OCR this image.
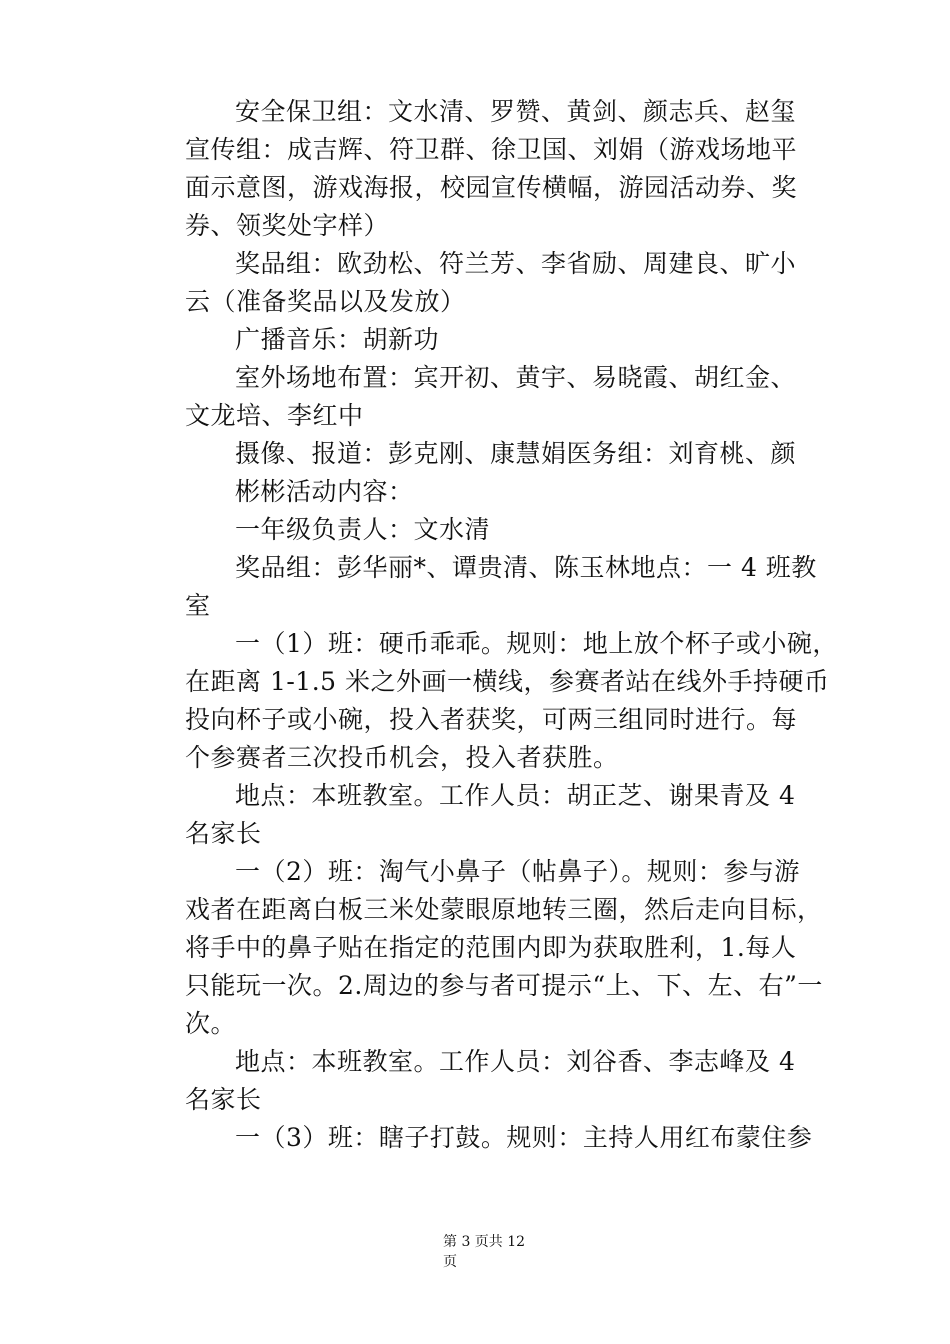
安全保卫组：文水清、罗赞、黄剑、颜志兵、赵玺
宣传组：成吉辉、符卫群、徐卫国、刘娟（游戏场地平
面示意图，游戏海报，校园宣传横幅，游园活动券、奖
券、领奖处字样）
奖品组：欧劲松、符兰芳、李省励、周建良、旷小
云（准备奖品以及发放）
广播音乐：胡新功
室外场地布置：宾开初、黄宇、易晓霞、胡红金、
文龙培、李红中
摄像、报道：彭克刚、康慧娟医务组：刘育桃、颜
彬彬活动内容：
一年级负责人：文水清
奖品组：彭华丽*、谭贵清、陈玉林地点：一 4 班教
室
一（1）班：硬币乖乖。规则：地上放个杯子或小碗，
在距离 1-1.5 米之外画一横线，参赛者站在线外手持硬币
投向杯子或小碗，投入者获奖，可两三组同时进行。每
个参赛者三次投币机会，投入者获胜。
地点：本班教室。工作人员：胡正芝、谢果青及 4
名家长
一（2）班：淘气小鼻子（帖鼻子）。规则：参与游
戏者在距离白板三米处蒙眼原地转三圈，然后走向目标，
将手中的鼻子贴在指定的范围内即为获取胜利，1.每人
只能玩一次。2.周边的参与者可提示“上、下、左、右”一
次。
地点：本班教室。工作人员：刘谷香、李志峰及 4
名家长
一（3）班：瞎子打鼓。规则：主持人用红布蒙住参
第 3 页共 12
页
